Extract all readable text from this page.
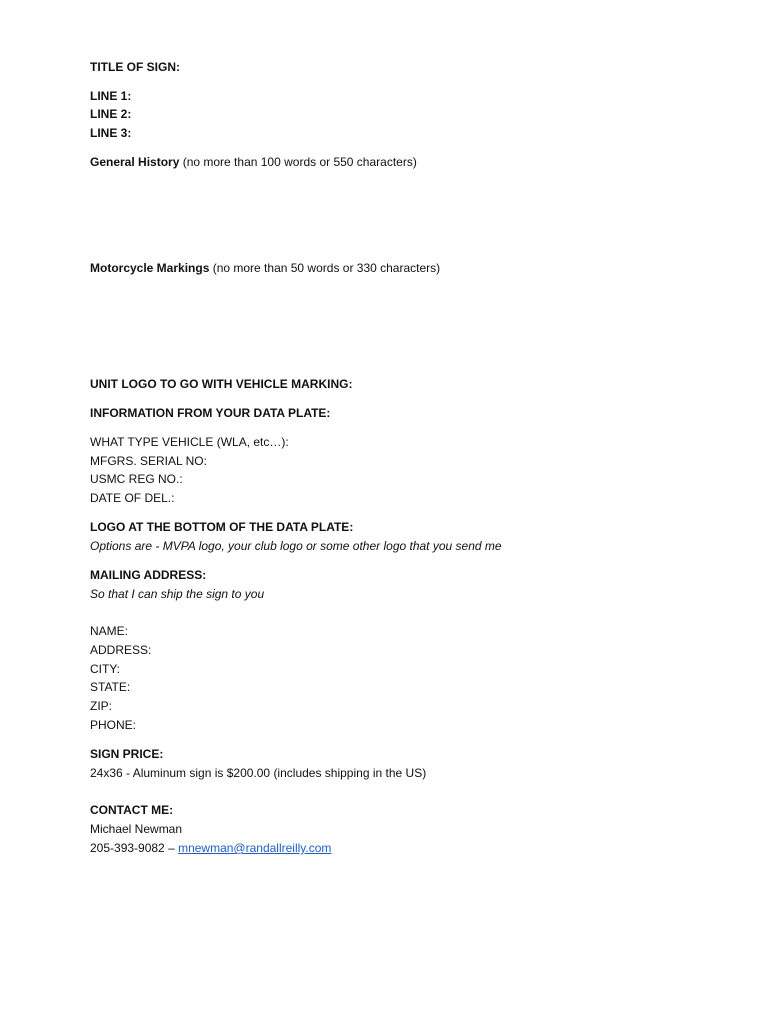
TITLE OF SIGN:
LINE 1:
LINE 2:
LINE 3:
General History (no more than 100 words or 550 characters)
Motorcycle Markings (no more than 50 words or 330 characters)
UNIT LOGO TO GO WITH VEHICLE MARKING:
INFORMATION FROM YOUR DATA PLATE:
WHAT TYPE VEHICLE (WLA, etc…):
MFGRS. SERIAL NO:
USMC REG NO.:
DATE OF DEL.:
LOGO AT THE BOTTOM OF THE DATA PLATE:
Options are - MVPA logo, your club logo or some other logo that you send me
MAILING ADDRESS:
So that I can ship the sign to you
NAME:
ADDRESS:
CITY:
STATE:
ZIP:
PHONE:
SIGN PRICE:
24x36 - Aluminum sign is $200.00 (includes shipping in the US)
CONTACT ME:
Michael Newman
205-393-9082 – mnewman@randallreilly.com
